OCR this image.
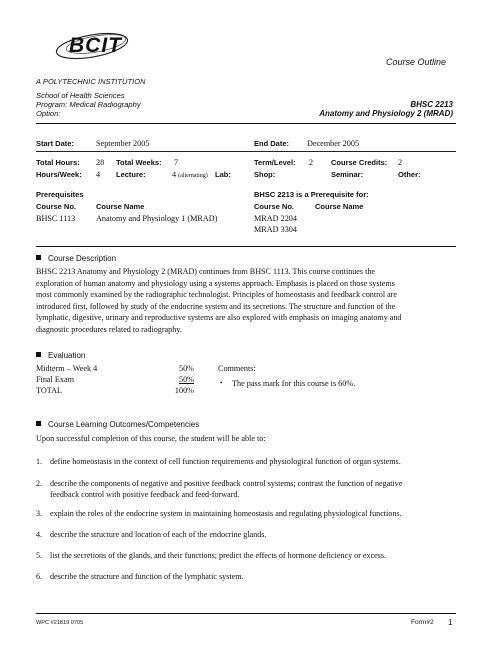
BCIT
Course Outline
A POLYTECHNIC INSTITUTION
School of Health Sciences
Program: Medical Radiography
Option:
BHSC 2213
Anatomy and Physiology 2 (MRAD)
Start Date:	September 2005	End Date: December 2005
Total Hours: 28 Total Weeks: 7	Term/Level: 2 Course Credits: 2
Hours/Week: 4 Lecture:	4 (alternating) Lab:	Shop:	Seminar:	Other:
Prerequisites
Course No.	Course Name
BHSC 1113	Anatomy and Physiology 1 (MRAD)
BHSC 2213 is a Prerequisite for:
Course No.	Course Name
MRAD 2204
MRAD 3304
Course Description
BHSC 2213 Anatomy and Physiology 2 (MRAD) continues from BHSC 1113. This course continues the
exploration of human anatomy and physiology using a systems approach. Emphasis is placed on those systems
most commonly examined by the radiographic technologist. Principles of homeostasis and feedback control are
introduced first, followed by study of the endocrine system and its secretions. The structure and function of the
lymphatic, digestive, urinary and reproductive systems are also explored with emphasis on imaging anatomy and
diagnostic procedures related to radiography.
Evaluation
Midterm – Week 4	50%
Final Exam	50%
TOTAL	100%
Comments:
• The pass mark for this course is 60%.
Course Learning Outcomes/Competencies
Upon successful completion of this course, the student will be able to:
1. define homeostasis in the context of cell function requirements and physiological function of organ systems.
2. describe the components of negative and positive feedback control systems; contrast the function of negative
feedback control with positive feedback and feed-forward.
3. explain the roles of the endocrine system in maintaining homeostasis and regulating physiological functions.
4. describe the structure and location of each of the endocrine glands.
5. list the secretions of the glands, and their functions; predict the effects of hormone deficiency or excess.
6. describe the structure and function of the lymphatic system.
WPC #21819 0705	Form#2 1
